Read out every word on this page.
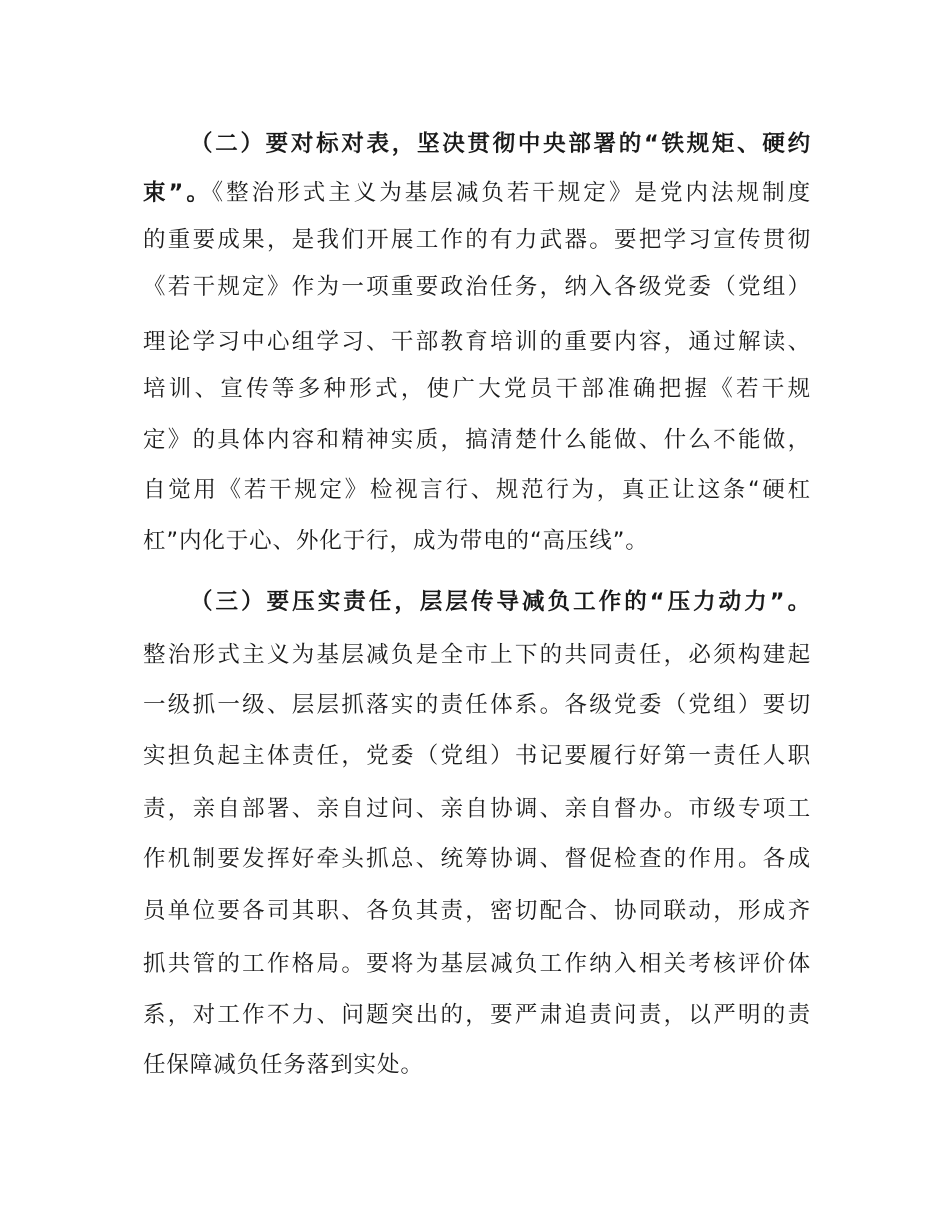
（二）要对标对表，坚决贯彻中央部署的“铁规矩、硬约
束”。《整治形式主义为基层减负若干规定》是党内法规制度
的重要成果，是我们开展工作的有力武器。要把学习宣传贯彻
《若干规定》作为一项重要政治任务，纳入各级党委（党组）
理论学习中心组学习、干部教育培训的重要内容，通过解读、
培训、宣传等多种形式，使广大党员干部准确把握《若干规
定》的具体内容和精神实质，搞清楚什么能做、什么不能做，
自觉用《若干规定》检视言行、规范行为，真正让这条“硬杠
杠”内化于心、外化于行，成为带电的“高压线”。
（三）要压实责任，层层传导减负工作的“压力动力”。
整治形式主义为基层减负是全市上下的共同责任，必须构建起
一级抓一级、层层抓落实的责任体系。各级党委（党组）要切
实担负起主体责任，党委（党组）书记要履行好第一责任人职
责，亲自部署、亲自过问、亲自协调、亲自督办。市级专项工
作机制要发挥好牵头抓总、统筹协调、督促检查的作用。各成
员单位要各司其职、各负其责，密切配合、协同联动，形成齐
抓共管的工作格局。要将为基层减负工作纳入相关考核评价体
系，对工作不力、问题突出的，要严肃追责问责，以严明的责
任保障减负任务落到实处。
